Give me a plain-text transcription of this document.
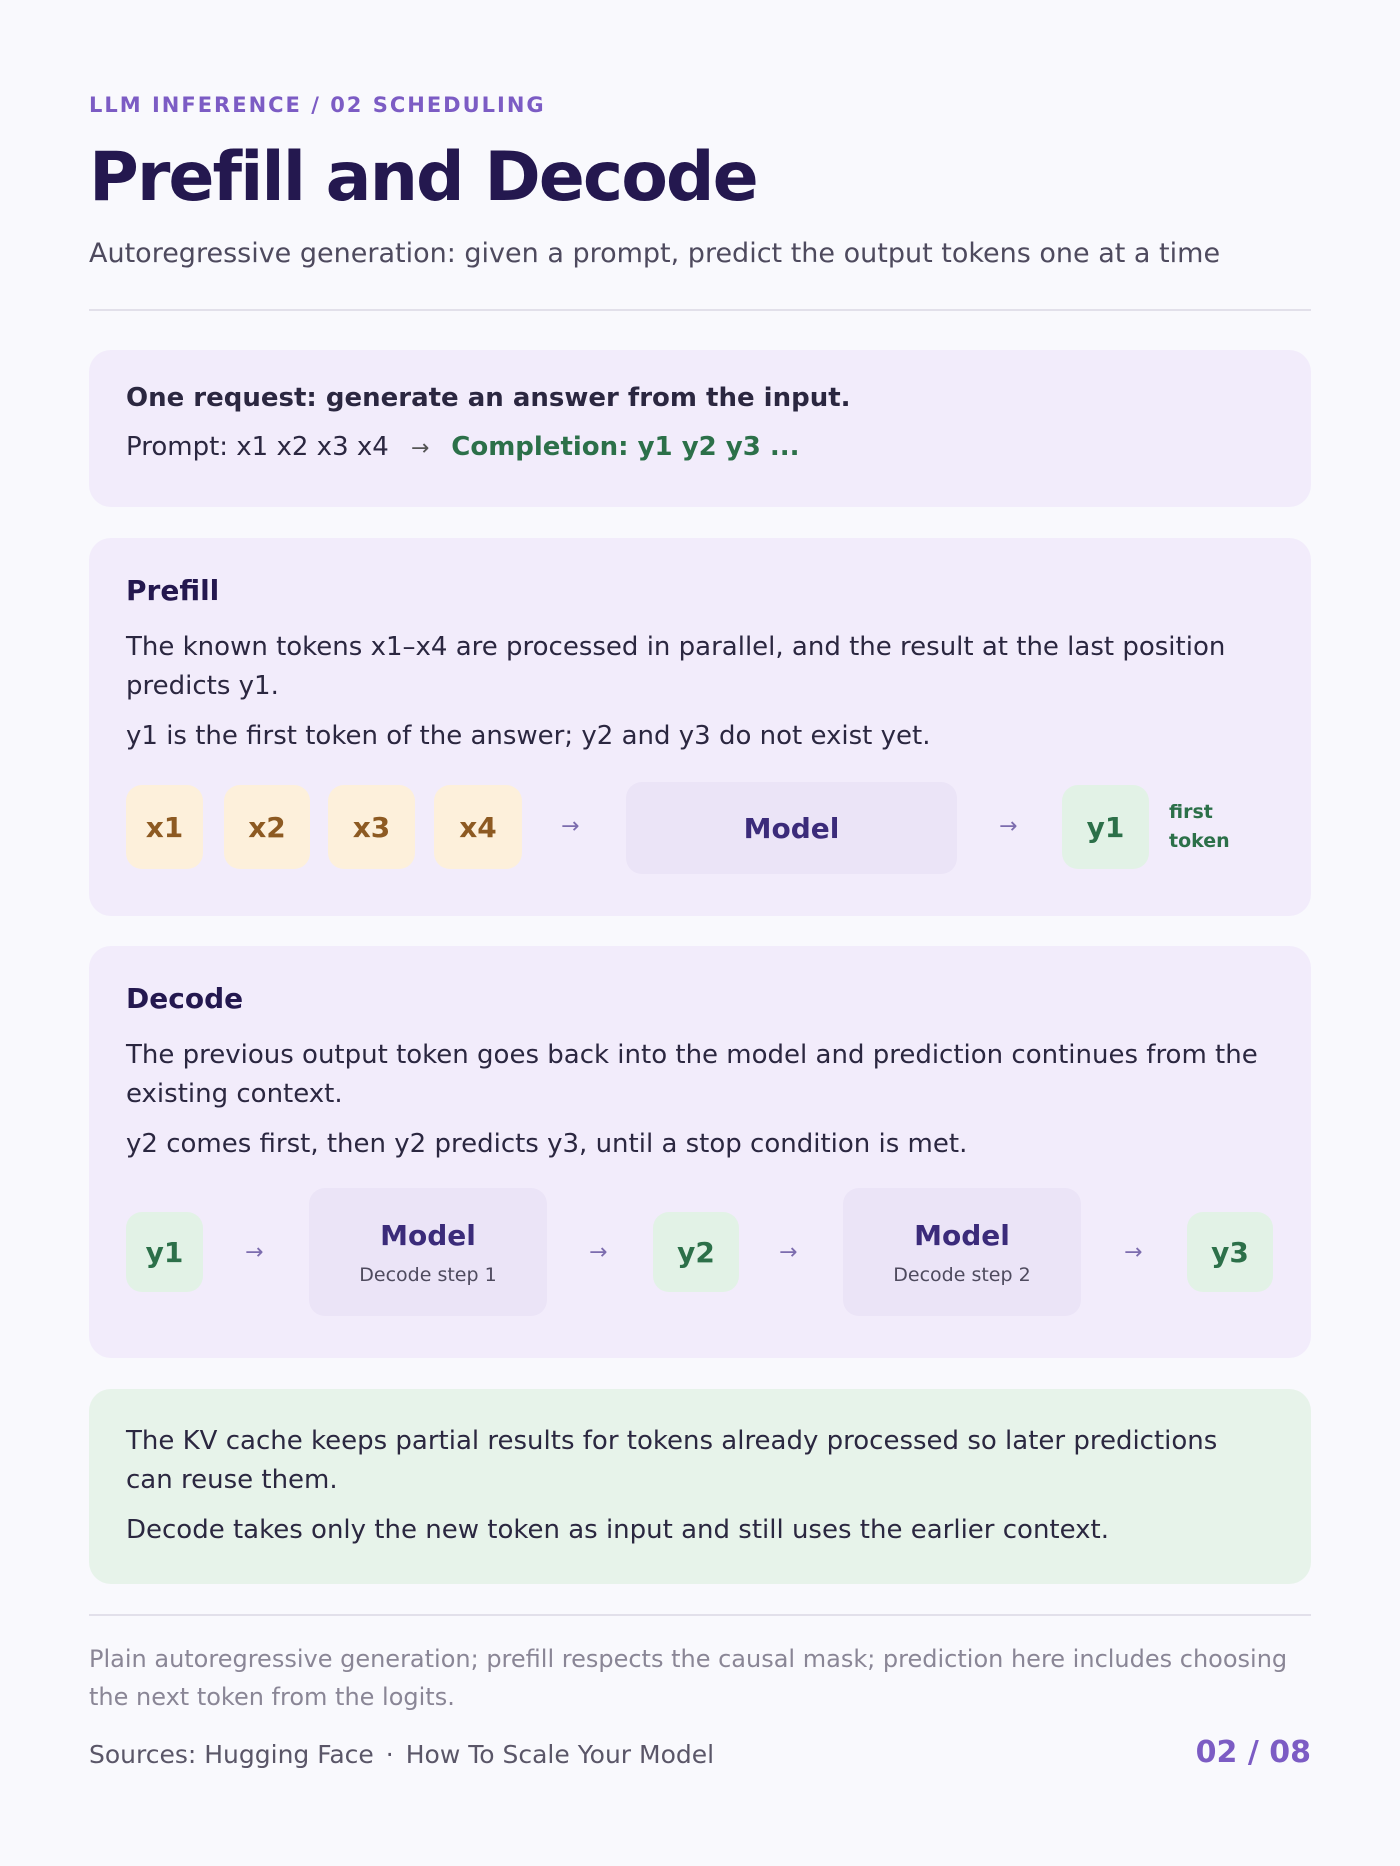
LLM INFERENCE / 02 SCHEDULING
Prefill and Decode
Autoregressive generation: given a prompt, predict the output tokens one at a time
One request: generate an answer from the input.
Prompt: x1 x2 x3 x4 → Completion: y1 y2 y3 ...
Prefill
The known tokens x1–x4 are processed in parallel, and the result at the last position predicts y1.
y1 is the first token of the answer; y2 and y3 do not exist yet.
x1	x2	x3	x4	→	Model	→	y1	first
token
Decode
The previous output token goes back into the model and prediction continues from the existing context.
y2 comes first, then y2 predicts y3, until a stop condition is met.
y1	→
Model
Decode step 1
→	y2	→
Model
Decode step 2
→	y3
The KV cache keeps partial results for tokens already processed so later predictions can reuse them.
Decode takes only the new token as input and still uses the earlier context.
Plain autoregressive generation; prefill respects the causal mask; prediction here includes choosing the next token from the logits.
Sources: Hugging Face · How To Scale Your Model	02 / 08
